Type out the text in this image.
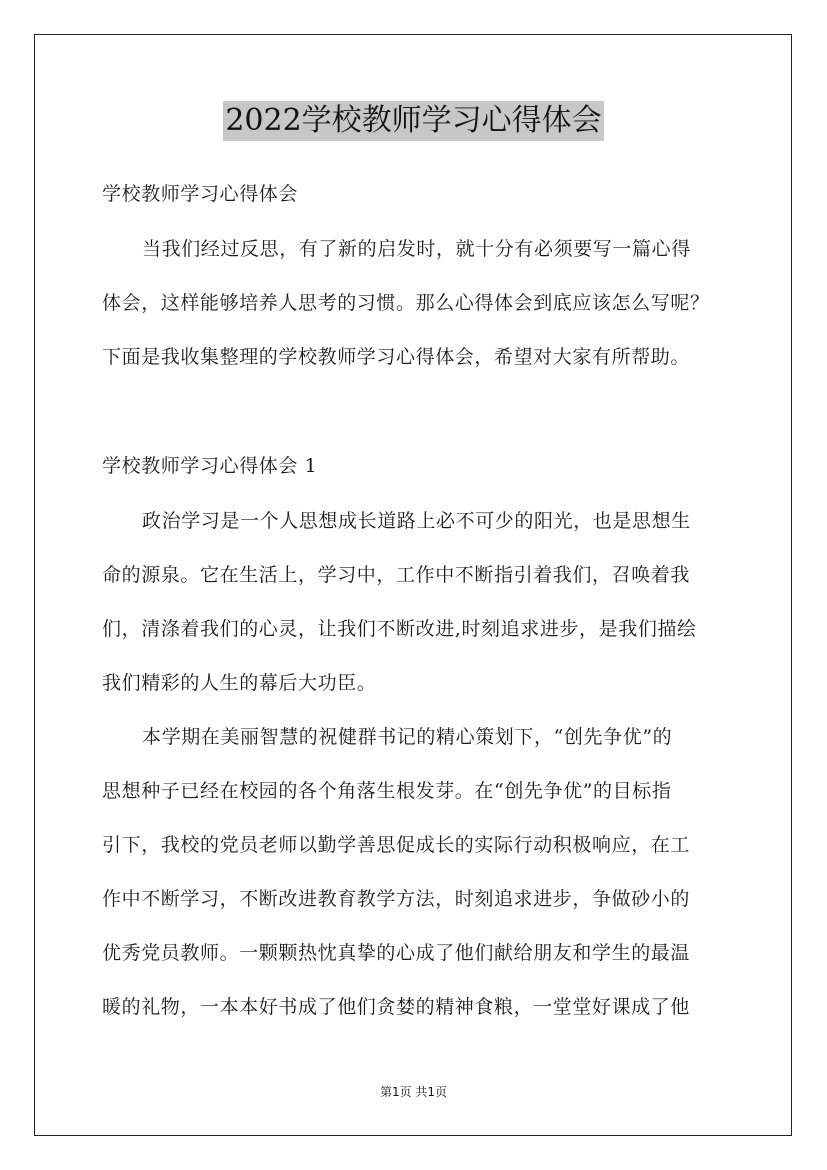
2022学校教师学习心得体会
学校教师学习心得体会
当我们经过反思，有了新的启发时，就十分有必须要写一篇心得
体会，这样能够培养人思考的习惯。那么心得体会到底应该怎么写呢？
下面是我收集整理的学校教师学习心得体会，希望对大家有所帮助。
学校教师学习心得体会 1
政治学习是一个人思想成长道路上必不可少的阳光，也是思想生
命的源泉。它在生活上，学习中，工作中不断指引着我们，召唤着我
们，清涤着我们的心灵，让我们不断改进,时刻追求进步，是我们描绘
我们精彩的人生的幕后大功臣。
本学期在美丽智慧的祝健群书记的精心策划下，“创先争优”的
思想种子已经在校园的各个角落生根发芽。在“创先争优”的目标指
引下，我校的党员老师以勤学善思促成长的实际行动积极响应，在工
作中不断学习，不断改进教育教学方法，时刻追求进步，争做砂小的
优秀党员教师。一颗颗热忱真挚的心成了他们献给朋友和学生的最温
暖的礼物，一本本好书成了他们贪婪的精神食粮，一堂堂好课成了他
第1页 共1页
